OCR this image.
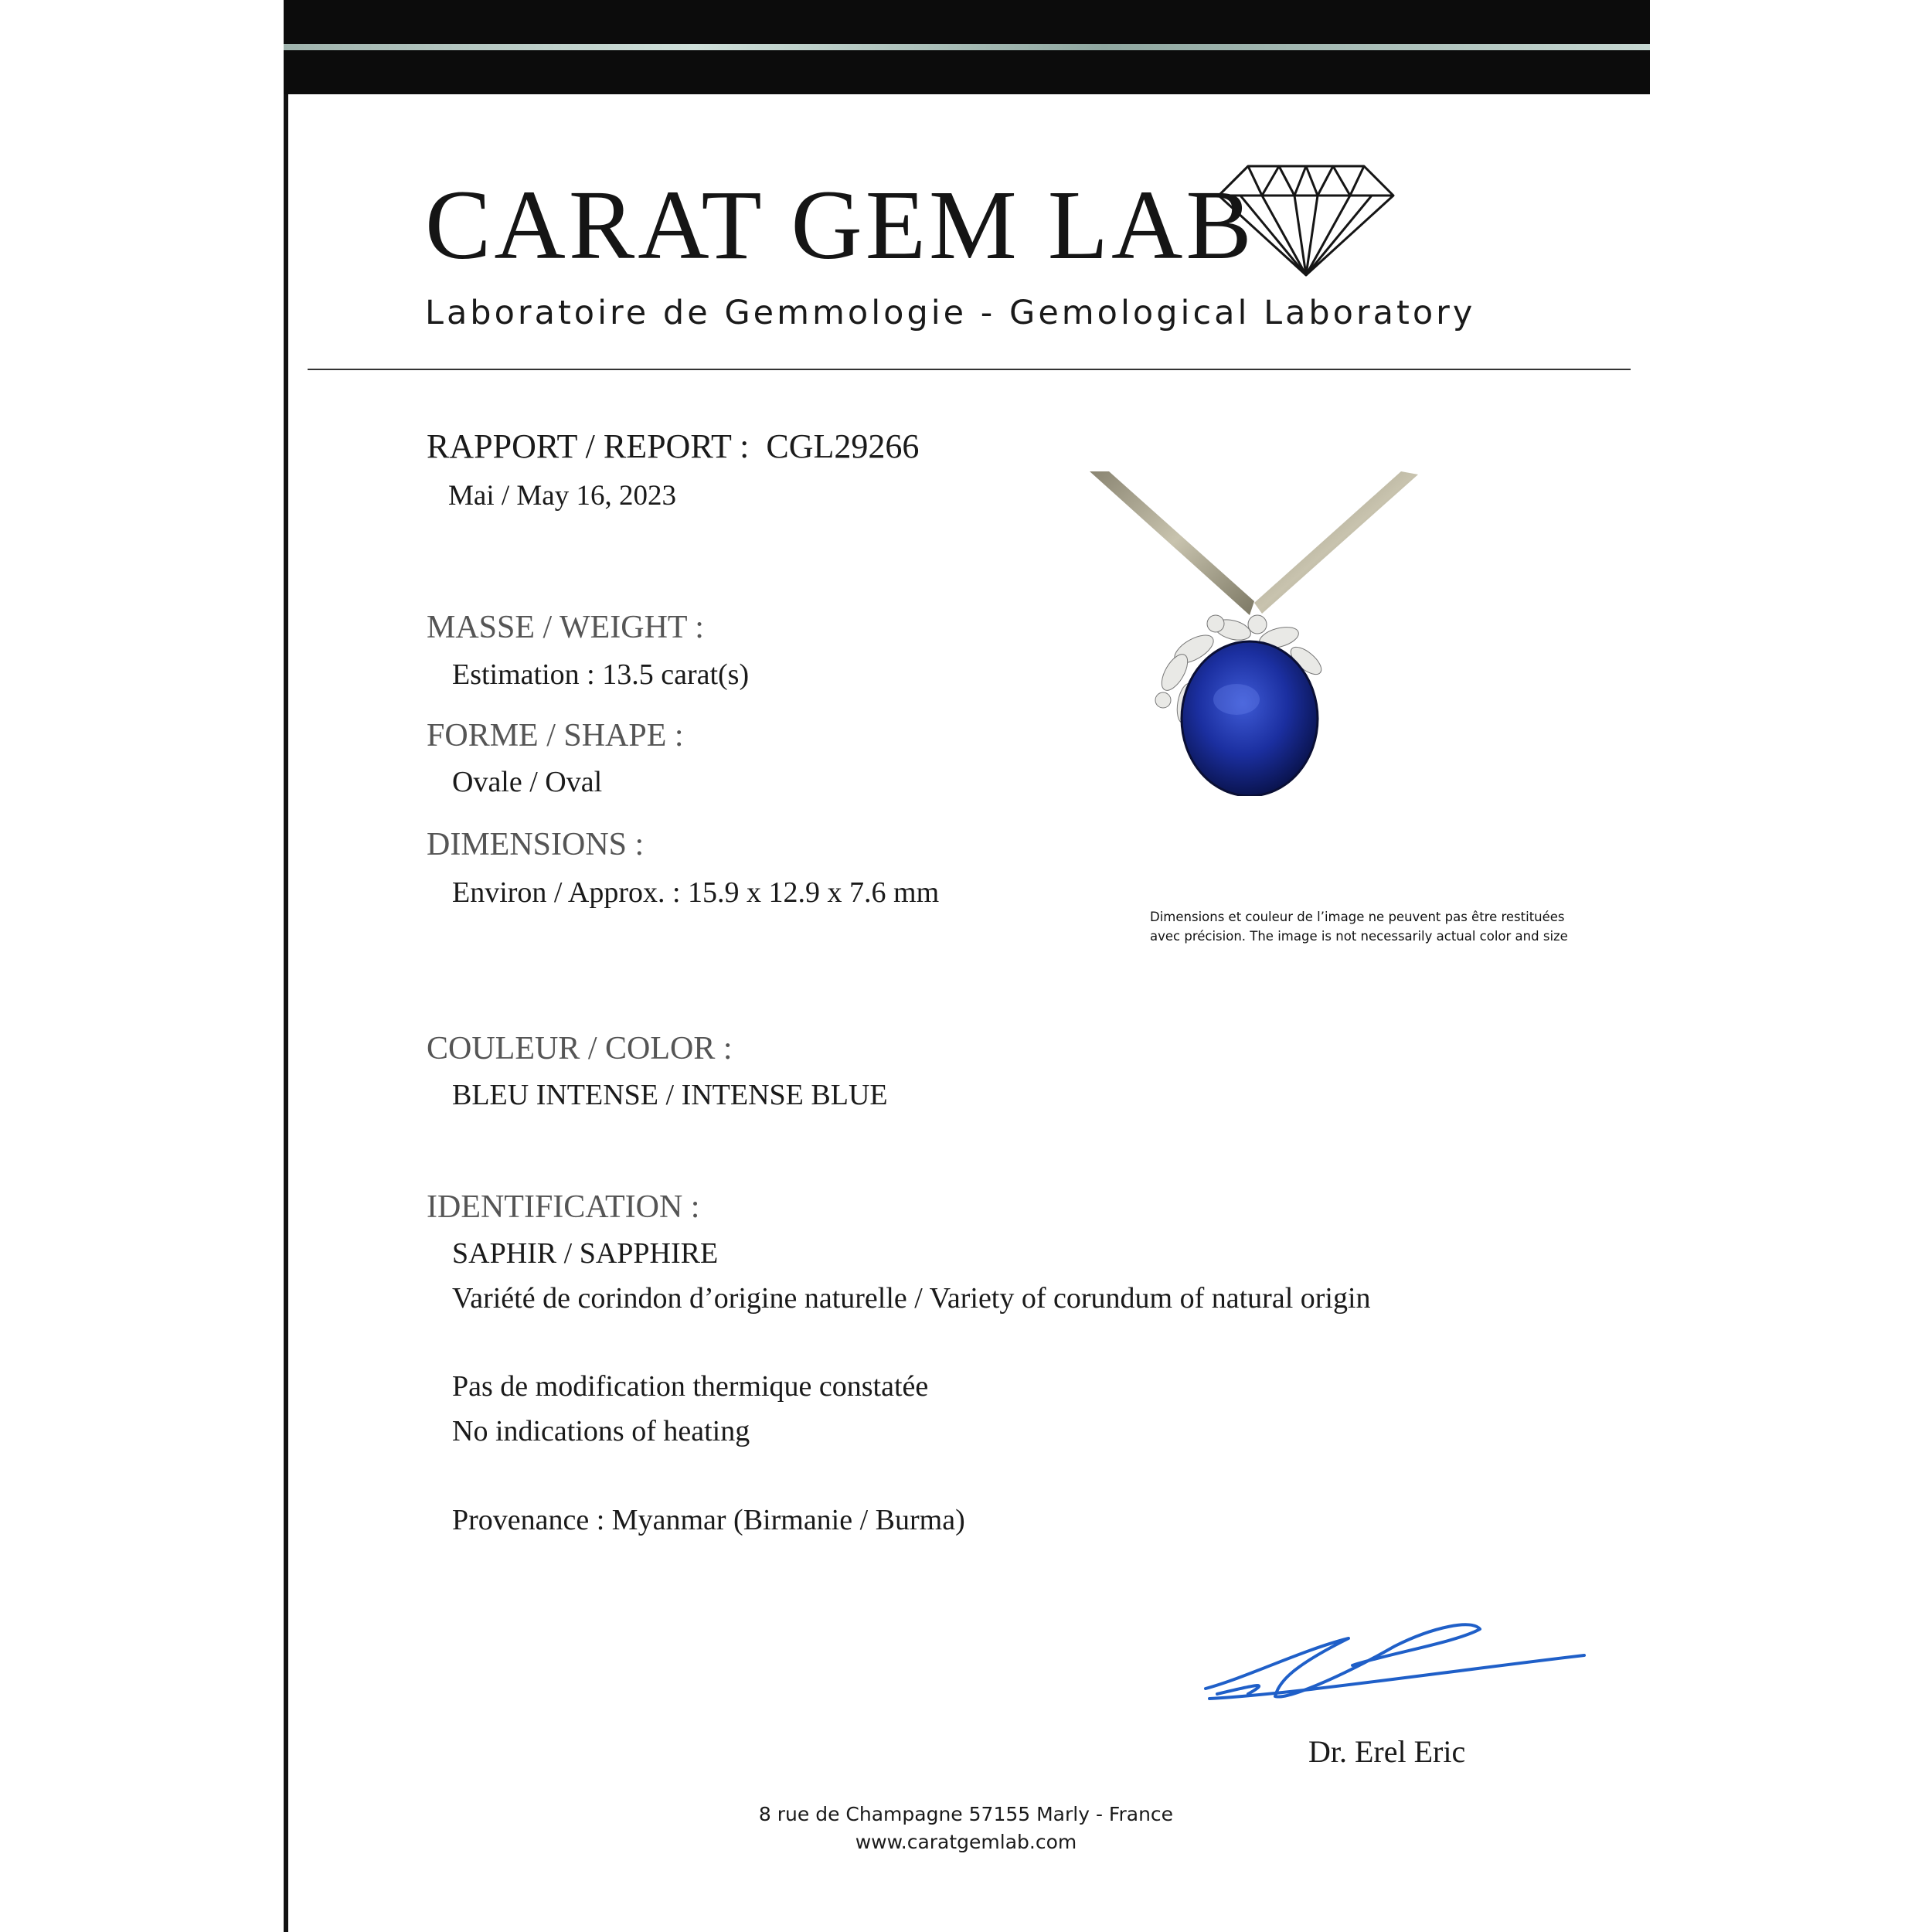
CARAT GEM LAB
Laboratoire de Gemmologie - Gemological Laboratory
RAPPORT / REPORT : CGL29266
Mai / May 16, 2023
MASSE / WEIGHT :
Estimation : 13.5 carat(s)
FORME / SHAPE :
Ovale / Oval
DIMENSIONS :
Environ / Approx. : 15.9 x 12.9 x 7.6 mm
COULEUR / COLOR :
BLEU INTENSE / INTENSE BLUE
IDENTIFICATION :
SAPHIR / SAPPHIRE
Variété de corindon d’origine naturelle / Variety of corundum of natural origin
Pas de modification thermique constatée
No indications of heating
Provenance : Myanmar (Birmanie / Burma)
Dimensions et couleur de l’image ne peuvent pas être restituées
avec précision. The image is not necessarily actual color and size
Dr. Erel Eric
8 rue de Champagne 57155 Marly - France
www.caratgemlab.com
